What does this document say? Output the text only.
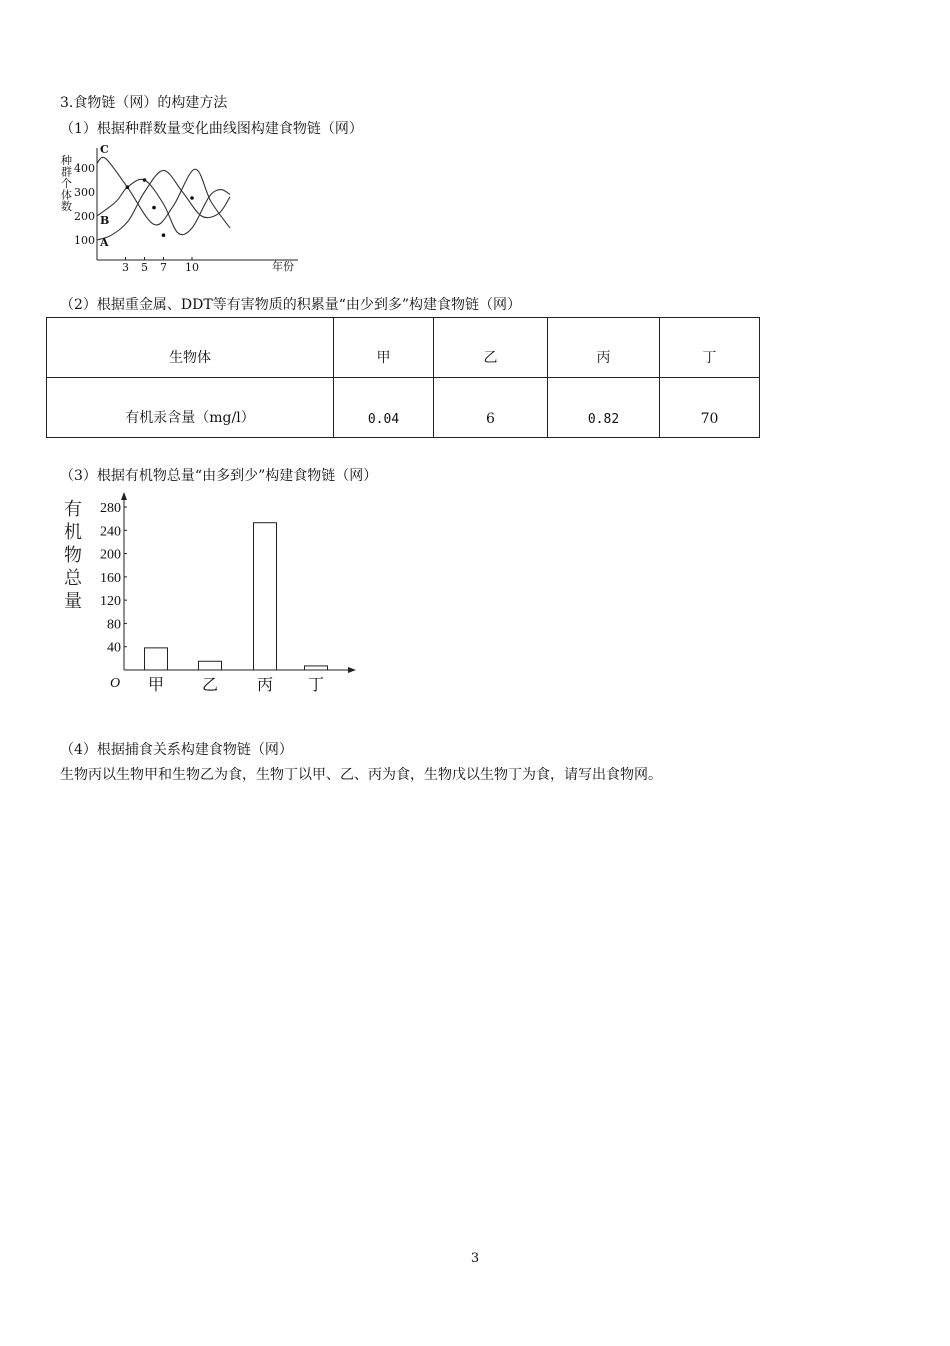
3.食物链（网）的构建方法
（1）根据种群数量变化曲线图构建食物链（网）
种
群
个
体
数
100
200
300
400
3 5 7 10
A
B
C
年份
（2）根据重金属、DDT等有害物质的积累量“由少到多”构建食物链（网）
生物体	甲	乙	丙	丁
有机汞含量（mg/l）	0.04	6	0.82	70
（3）根据有机物总量“由多到少”构建食物链（网）
有
机
物
总
量
40
80
120
160
200
240
280
甲 乙 丙 丁
O
（4）根据捕食关系构建食物链（网）
生物丙以生物甲和生物乙为食，生物丁以甲、乙、丙为食，生物戊以生物丁为食，请写出食物网。
3
